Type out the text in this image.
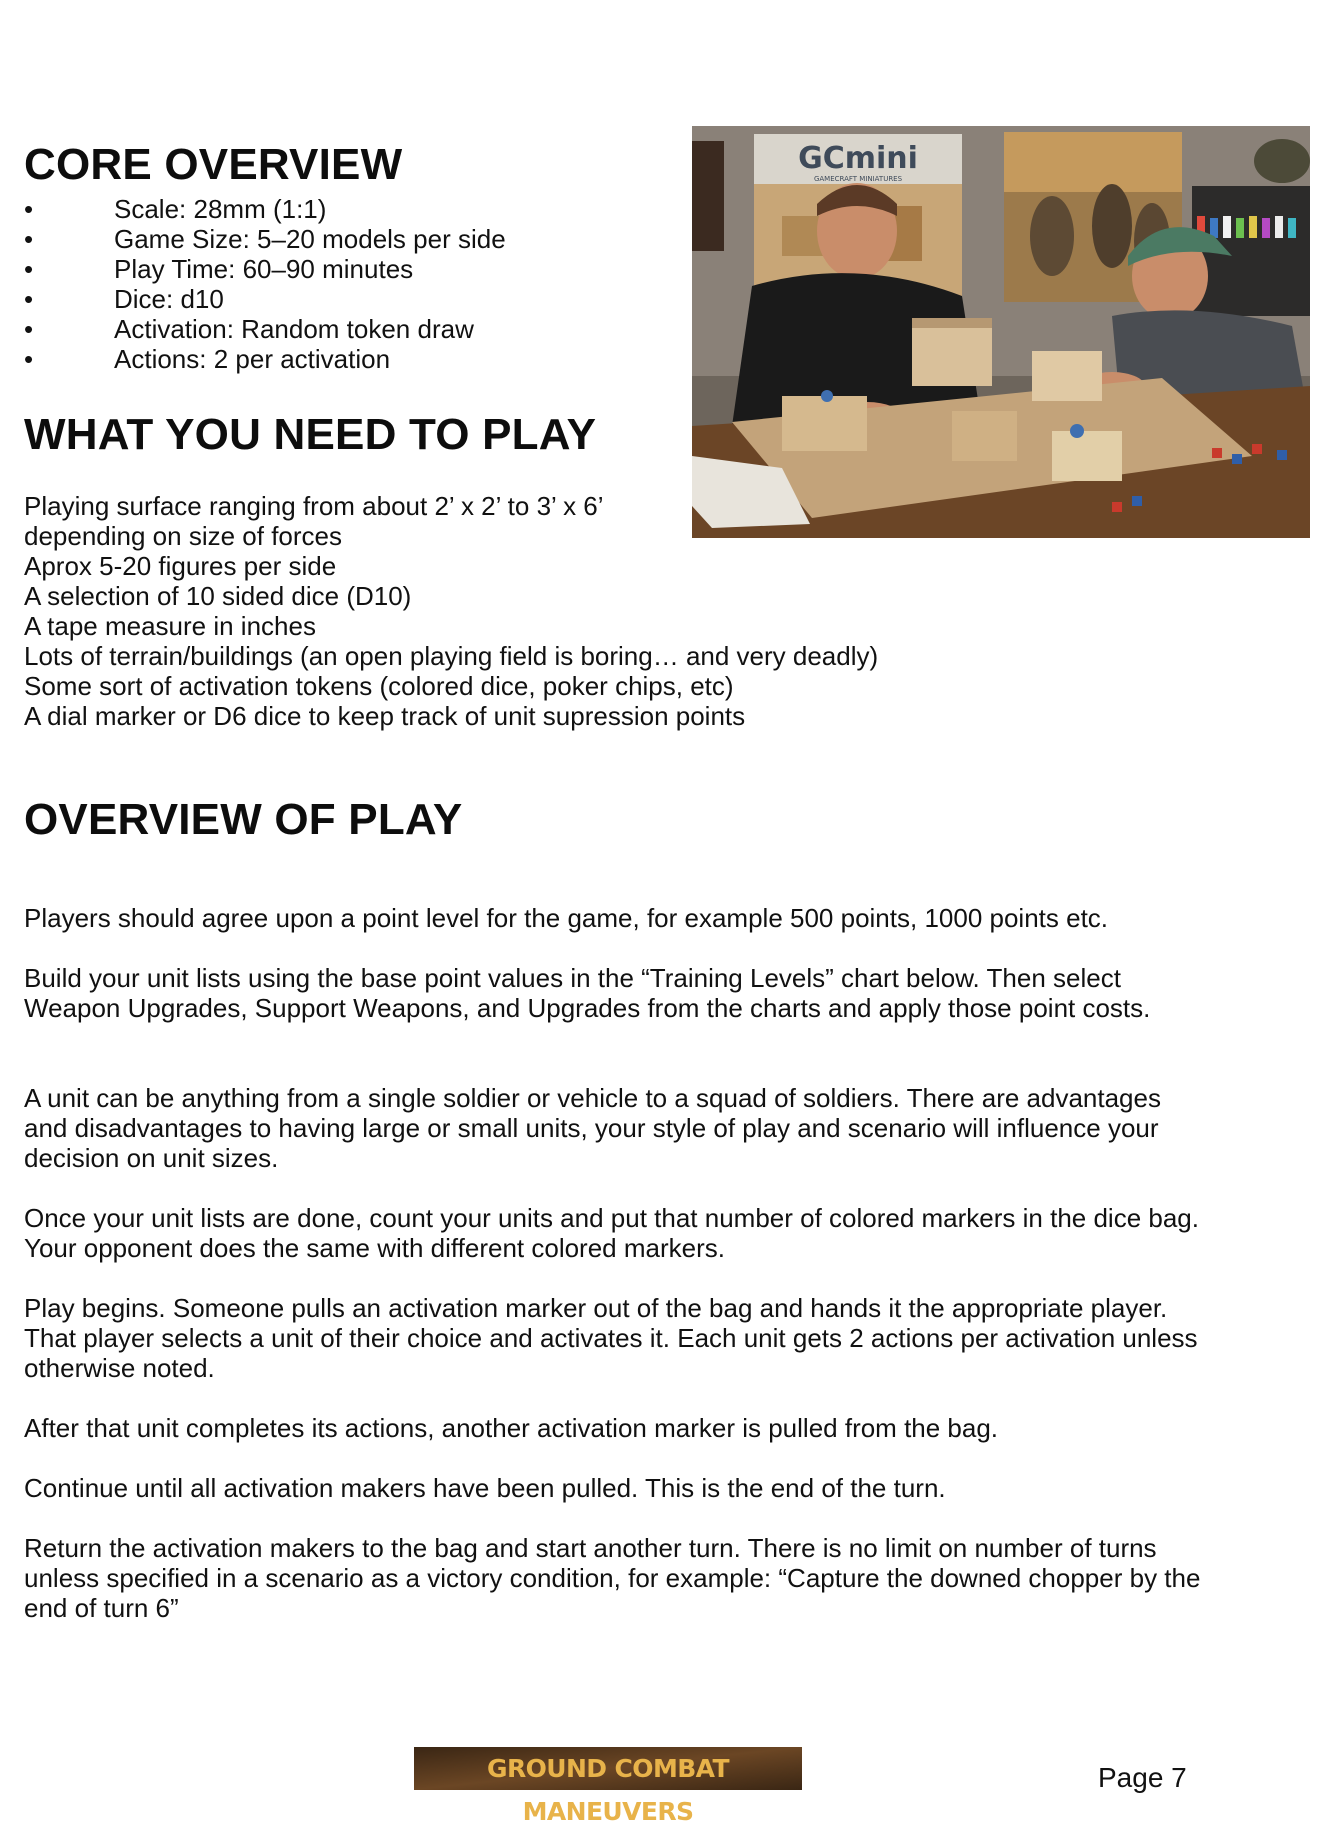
CORE OVERVIEW
•	Scale: 28mm (1:1)
•	Game Size: 5–20 models per side
•	Play Time: 60–90 minutes
•	Dice: d10
•	Activation: Random token draw
•	Actions: 2 per activation
GCmini
GAMECRAFT MINIATURES
WHAT YOU NEED TO PLAY
Playing surface ranging from about 2’ x 2’ to 3’ x 6’
depending on size of forces
Aprox 5-20 figures per side
A selection of 10 sided dice (D10)
A tape measure in inches
Lots of terrain/buildings (an open playing field is boring… and very deadly)
Some sort of activation tokens (colored dice, poker chips, etc)
A dial marker or D6 dice to keep track of unit supression points
OVERVIEW OF PLAY

Players should agree upon a point level for the game, for example 500 points, 1000 points etc.

Build your unit lists using the base point values in the “Training Levels” chart below. Then select Weapon Upgrades, Support Weapons, and Upgrades from the charts and apply those point costs.

A unit can be anything from a single soldier or vehicle to a squad of soldiers. There are advantages and disadvantages to having large or small units, your style of play and scenario will influence your decision on unit sizes.

Once your unit lists are done, count your units and put that number of colored markers in the dice bag. Your opponent does the same with different colored markers.

Play begins. Someone pulls an activation marker out of the bag and hands it the appropriate player. That player selects a unit of their choice and activates it. Each unit gets 2 actions per activation unless otherwise noted.

After that unit completes its actions, another activation marker is pulled from the bag.

Continue until all activation makers have been pulled. This is the end of the turn.

Return the activation makers to the bag and start another turn. There is no limit on number of turns unless specified in a scenario as a victory condition, for example: “Capture the downed chopper by the end of turn 6”

GROUND COMBAT MANEUVERS
Page 7
